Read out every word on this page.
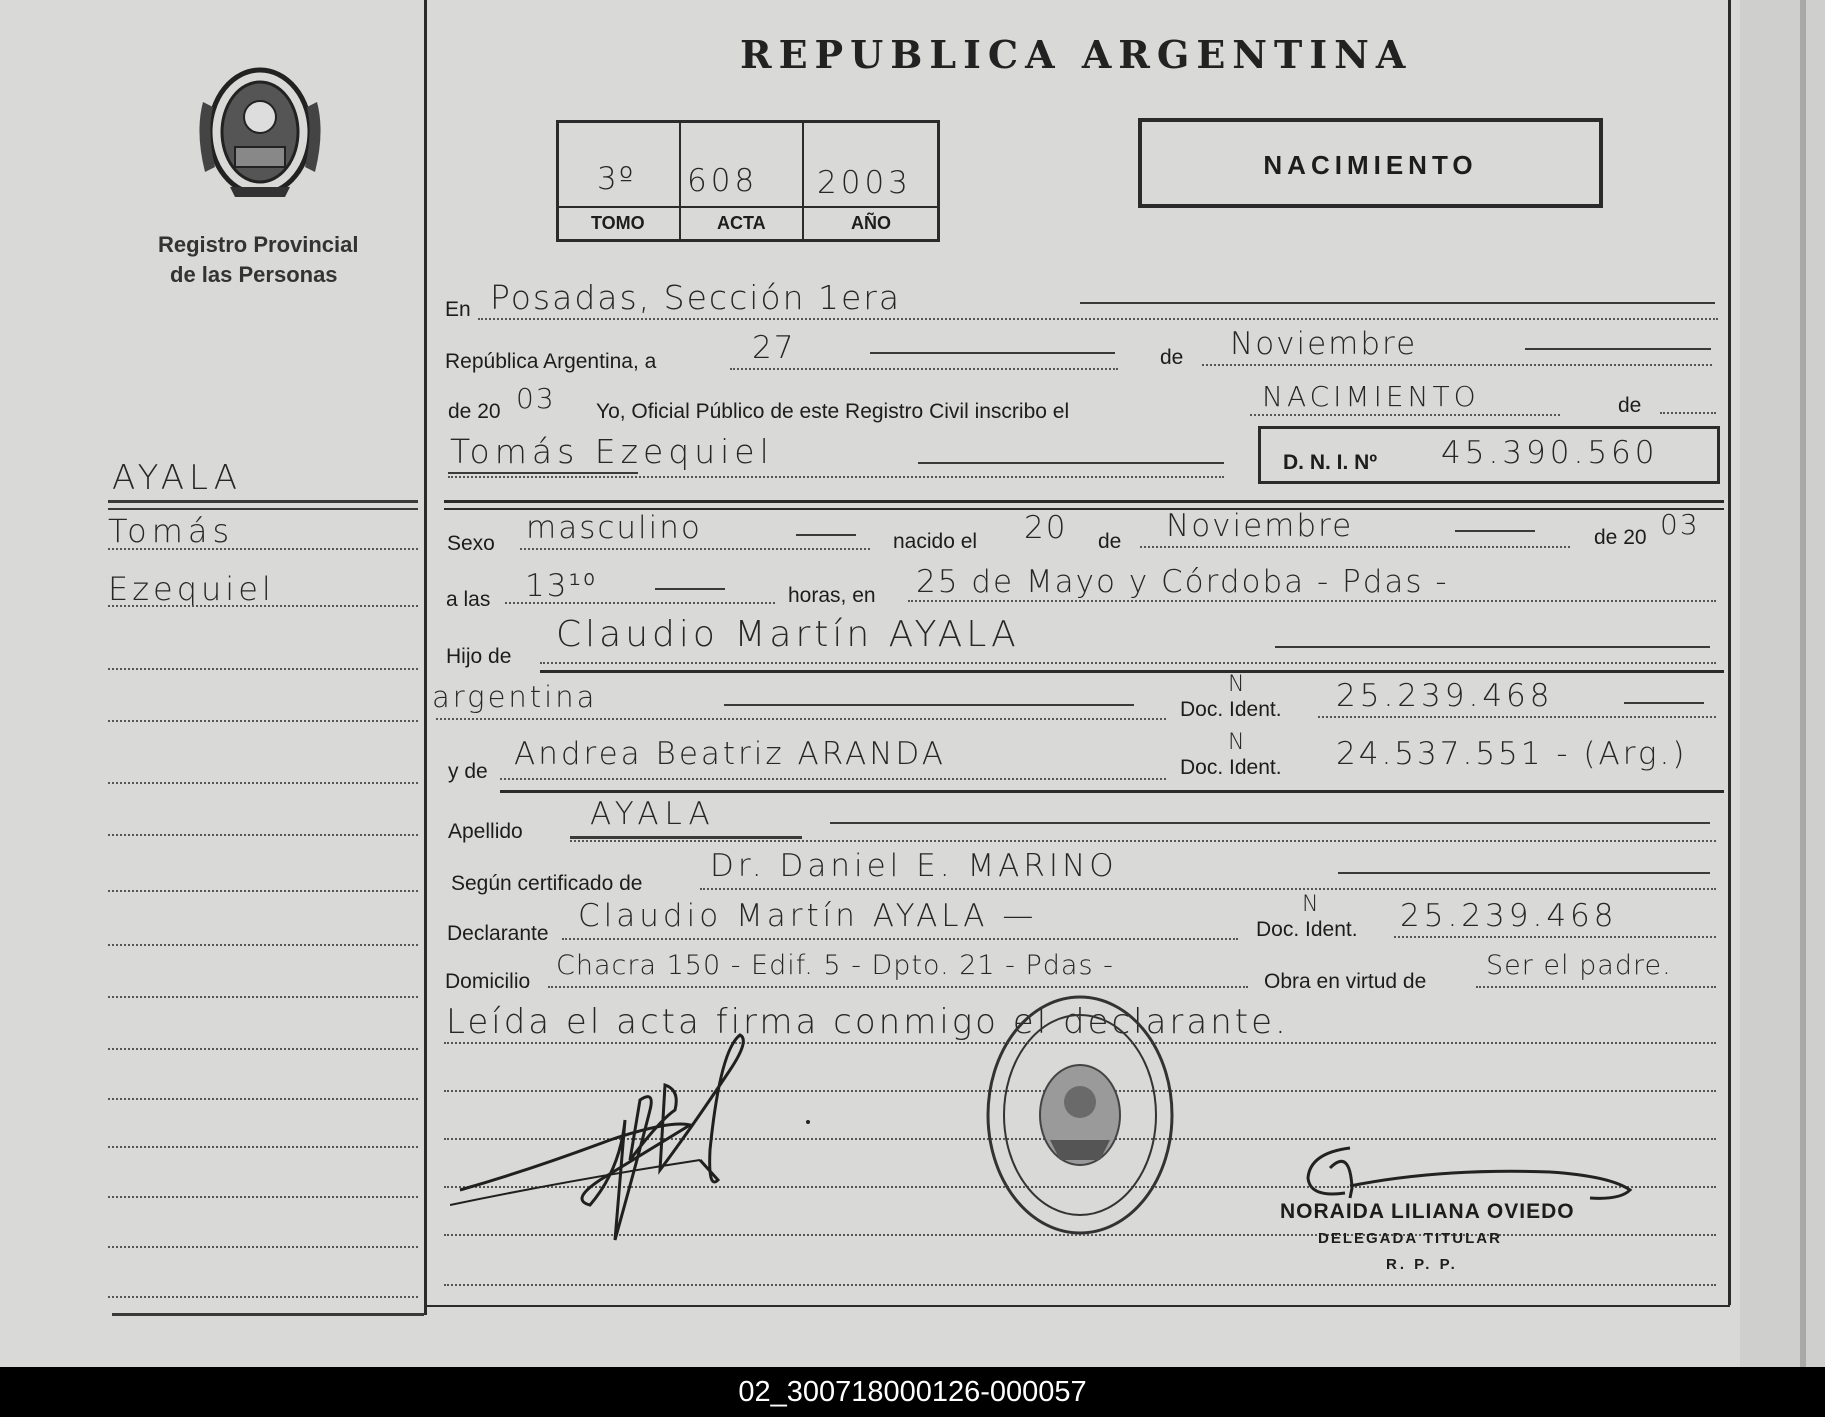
Registro Provincial
de las Personas
REPUBLICA ARGENTINA
3º 608 2003
TOMO	ACTA	AÑO
NACIMIENTO
AYALA
Tomás
Ezequiel
En Posadas, Sección 1era
República Argentina, a	27	de Noviembre
de 20 03 Yo, Oficial Público de este Registro Civil inscribo el	NACIMIENTO	de
Tomás Ezequiel	D. N. I. Nº 45.390.560
Sexo masculino	nacido el 20 de Noviembre	de 20 03
a las 13¹⁰	horas, en 25 de Mayo y Córdoba - Pdas -
Hijo de
Claudio Martín AYALA
argentina	Doc. Ident.
N	25.239.468
y de Andrea Beatriz ARANDA	Doc. Ident.
N	24.537.551 - (Arg.)
Apellido AYALA
Según certificado de Dr. Daniel E. MARINO
Declarante Claudio Martín AYALA —	Doc. Ident.
N	25.239.468
Domicilio
Chacra 150 - Edif. 5 - Dpto. 21 - Pdas -
Obra en virtud de
Ser el padre.
Leída el acta firma conmigo el declarante.
NORAIDA LILIANA OVIEDO
DELEGADA TITULAR
R. P. P.
02_300718000126-000057
